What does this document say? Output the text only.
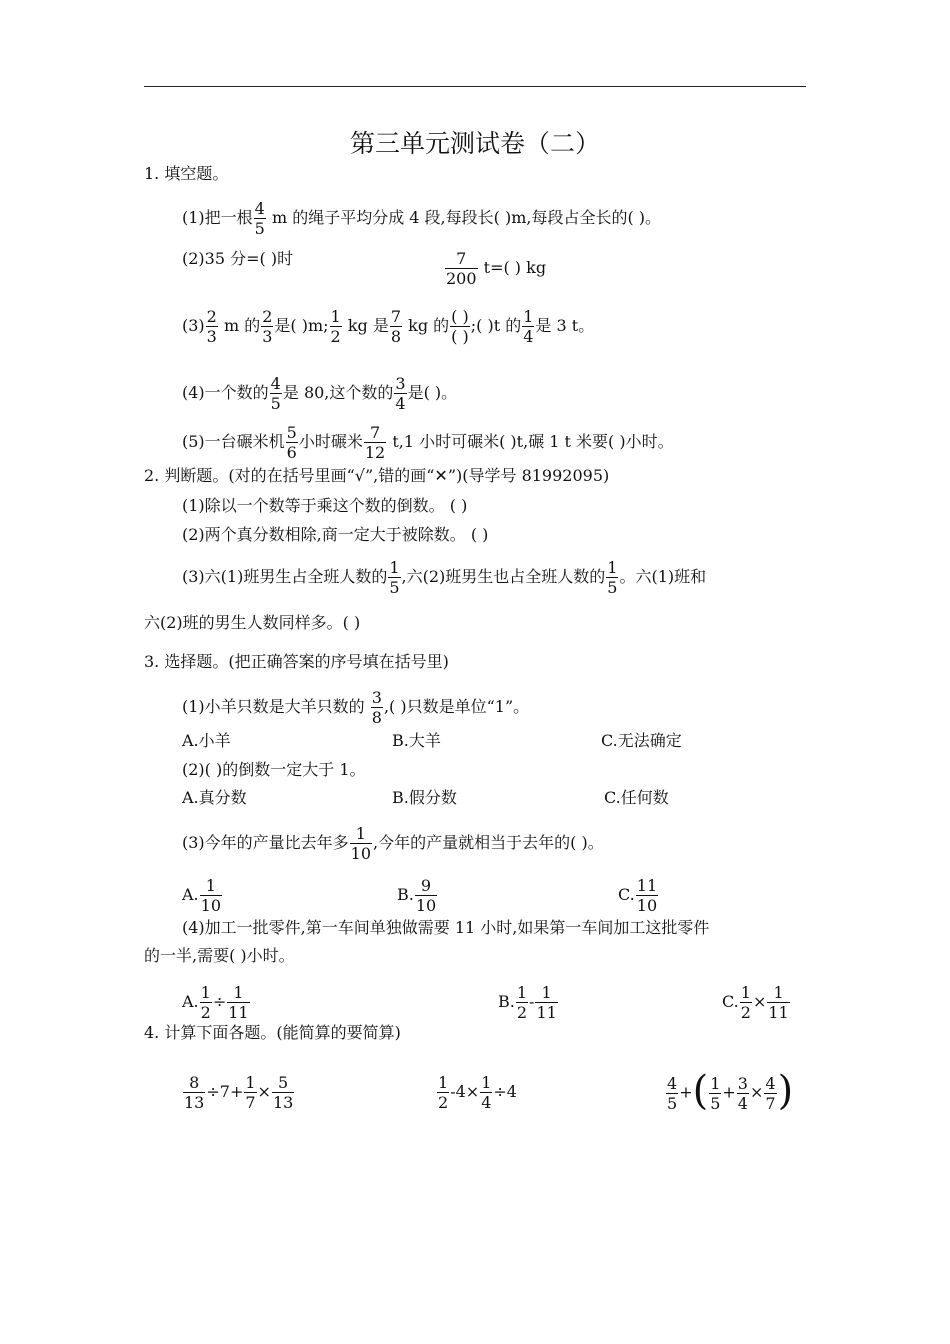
第三单元测试卷（二）
1. 填空题。
(1)把一根 $\frac{4}{5}$ m 的绳子平均分成 4 段,每段长( )m,每段占全长的( )。
(2)35 分=( )时	$\frac{7}{200} t=$( ) kg
$(3) \frac{2}{3}$ m 的 $\frac{2}{3}$ 是( )m; $\frac{1}{2}$ kg 是 $\frac{7}{8}$ kg 的 ( )
( )
;( )t 的 $\frac{1}{4}$ 是 3 t。
(4)一个数的 $\frac{4}{5}$ 是 80,这个数的 $\frac{3}{4}$ 是( )。
(5)一台碾米机 $\frac{5}{6}$ 小时碾米 $\frac{7}{12} t,1$ 小时可碾米( )t,碾 1 t 米要( )小时。
2. 判断题。(对的在括号里画“√”,错的画“✕”)(导学号 81992095)
(1)除以一个数等于乘这个数的倒数。 ( )
(2)两个真分数相除,商一定大于被除数。 ( )
(3)六(1)班男生占全班人数的 $\frac{1}{5}$ ,六(2)班男生也占全班人数的 $\frac{1}{5}$ 。六(1)班和
六(2)班的男生人数同样多。( )
3. 选择题。(把正确答案的序号填在括号里)
(1)小羊只数是大羊只数的 $\frac{3}{8}$ ,( )只数是单位“1”。
A.小羊	B.大羊	C.无法确定
(2)( )的倒数一定大于 1。
A.真分数	B.假分数	C.任何数
(3)今年的产量比去年多 $\frac{1}{10}$ ,今年的产量就相当于去年的( )。
A. $\frac{1}{10}$	B. $\frac{9}{10}$	C. $\frac{11}{10}$
(4)加工一批零件,第一车间单独做需要 11 小时,如果第一车间加工这批零件
的一半,需要( )小时。
A. $\frac{1}{2} \div \frac{1}{11}$	B. $\frac{1}{2} - \frac{1}{11}$	C. $\frac{1}{2} \times \frac{1}{11}$
4. 计算下面各题。(能简算的要简算)
$\frac{8}{13} \div 7+ \frac{1}{7} \times \frac{5}{13}$	$\frac{1}{2} -4\times \frac{1}{4} \div 4$	$\frac{4}{5}$ +( $\frac{1}{5} + \frac{3}{4} \times \frac{4}{7}$ )
